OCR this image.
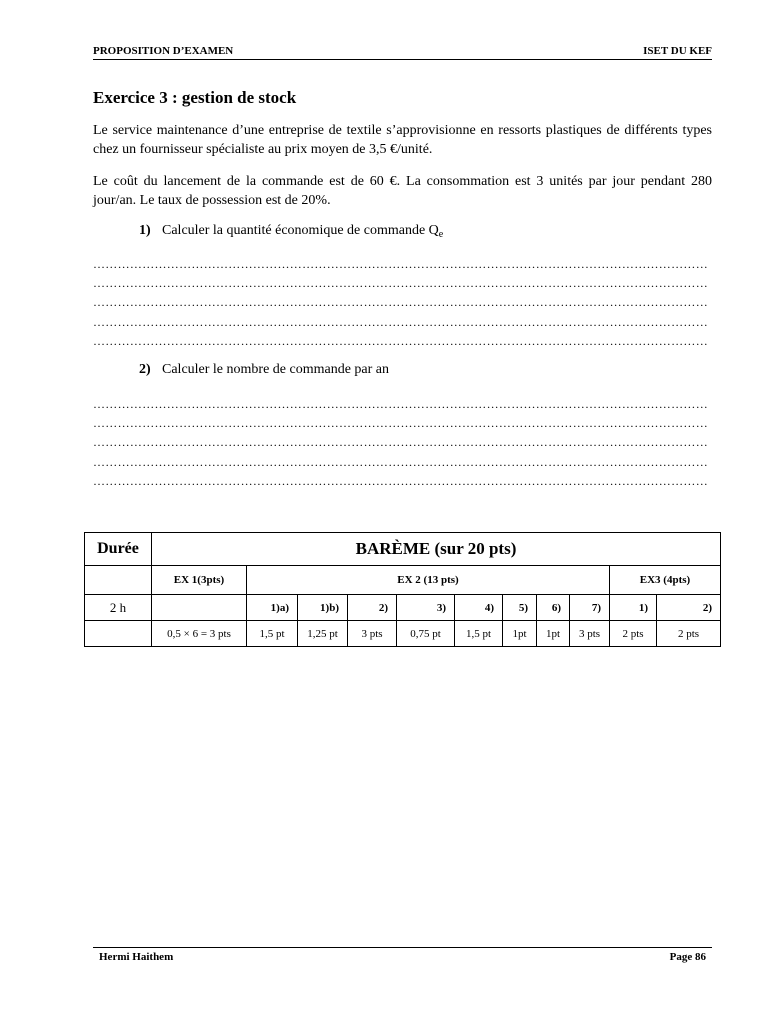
PROPOSITION D’EXAMEN	ISET DU KEF
Exercice 3 : gestion de stock
Le service maintenance d’une entreprise de textile s’approvisionne en ressorts plastiques de différents types chez un fournisseur spécialiste au prix moyen de 3,5 €/unité.
Le coût du lancement de la commande est de 60 €. La consommation est 3 unités par jour pendant 280 jour/an. Le taux de possession est de 20%.
1) Calculer la quantité économique de commande $Q_e$
……………………………………………………………………………………………………………………………………
……………………………………………………………………………………………………………………………………
……………………………………………………………………………………………………………………………………
……………………………………………………………………………………………………………………………………
……………………………………………………………………………………………………………………………………
2) Calculer le nombre de commande par an
……………………………………………………………………………………………………………………………………
……………………………………………………………………………………………………………………………………
……………………………………………………………………………………………………………………………………
……………………………………………………………………………………………………………………………………
……………………………………………………………………………………………………………………………………
Durée	BARÈME (sur 20 pts)										
	EX 1(3pts)	EX 2 (13 pts)								EX3 (4pts)	
2 h		1)a)	1)b)	2)	3)	4)	5)	6)	7)	1)	2)
	0,5 × 6 = 3 pts	1,5 pt	1,25 pt	3 pts	0,75 pt	1,5 pt	1pt	1pt	3 pts	2 pts	2 pts
Hermi Haithem	Page 86
